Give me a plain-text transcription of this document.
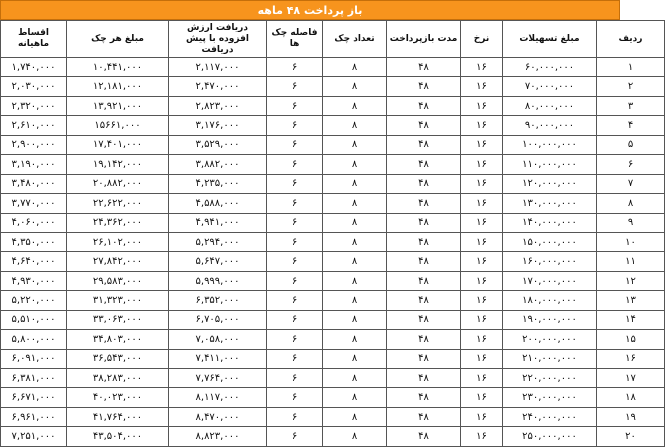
باز پرداخت ۴۸ ماهه
ردیف	مبلغ تسهیلات	نرخ	مدت بازپرداخت	تعداد چک	فاصله چک ها	دریافت ارزش افزوده با پیش دریافت	مبلغ هر چک	اقساط ماهیانه
۱	۶۰,۰۰۰,۰۰۰	۱۶	۴۸	۸	۶	۲,۱۱۷,۰۰۰	۱۰,۴۴۱,۰۰۰	۱,۷۴۰,۰۰۰
۲	۷۰,۰۰۰,۰۰۰	۱۶	۴۸	۸	۶	۲,۴۷۰,۰۰۰	۱۲,۱۸۱,۰۰۰	۲,۰۳۰,۰۰۰
۳	۸۰,۰۰۰,۰۰۰	۱۶	۴۸	۸	۶	۲,۸۲۳,۰۰۰	۱۳,۹۲۱,۰۰۰	۲,۳۲۰,۰۰۰
۴	۹۰,۰۰۰,۰۰۰	۱۶	۴۸	۸	۶	۳,۱۷۶,۰۰۰	۱۵۶۶۱,۰۰۰	۲,۶۱۰,۰۰۰
۵	۱۰۰,۰۰۰,۰۰۰	۱۶	۴۸	۸	۶	۳,۵۲۹,۰۰۰	۱۷,۴۰۱,۰۰۰	۲,۹۰۰,۰۰۰
۶	۱۱۰,۰۰۰,۰۰۰	۱۶	۴۸	۸	۶	۳,۸۸۲,۰۰۰	۱۹,۱۴۲,۰۰۰	۳,۱۹۰,۰۰۰
۷	۱۲۰,۰۰۰,۰۰۰	۱۶	۴۸	۸	۶	۴,۲۳۵,۰۰۰	۲۰,۸۸۲,۰۰۰	۳,۴۸۰,۰۰۰
۸	۱۳۰,۰۰۰,۰۰۰	۱۶	۴۸	۸	۶	۴,۵۸۸,۰۰۰	۲۲,۶۲۲,۰۰۰	۳,۷۷۰,۰۰۰
۹	۱۴۰,۰۰۰,۰۰۰	۱۶	۴۸	۸	۶	۴,۹۴۱,۰۰۰	۲۴,۳۶۲,۰۰۰	۴,۰۶۰,۰۰۰
۱۰	۱۵۰,۰۰۰,۰۰۰	۱۶	۴۸	۸	۶	۵,۲۹۴,۰۰۰	۲۶,۱۰۲,۰۰۰	۴,۳۵۰,۰۰۰
۱۱	۱۶۰,۰۰۰,۰۰۰	۱۶	۴۸	۸	۶	۵,۶۴۷,۰۰۰	۲۷,۸۴۲,۰۰۰	۴,۶۴۰,۰۰۰
۱۲	۱۷۰,۰۰۰,۰۰۰	۱۶	۴۸	۸	۶	۵,۹۹۹,۰۰۰	۲۹,۵۸۳,۰۰۰	۴,۹۳۰,۰۰۰
۱۳	۱۸۰,۰۰۰,۰۰۰	۱۶	۴۸	۸	۶	۶,۳۵۲,۰۰۰	۳۱,۳۲۳,۰۰۰	۵,۲۲۰,۰۰۰
۱۴	۱۹۰,۰۰۰,۰۰۰	۱۶	۴۸	۸	۶	۶,۷۰۵,۰۰۰	۳۳,۰۶۳,۰۰۰	۵,۵۱۰,۰۰۰
۱۵	۲۰۰,۰۰۰,۰۰۰	۱۶	۴۸	۸	۶	۷,۰۵۸,۰۰۰	۳۴,۸۰۳,۰۰۰	۵,۸۰۰,۰۰۰
۱۶	۲۱۰,۰۰۰,۰۰۰	۱۶	۴۸	۸	۶	۷,۴۱۱,۰۰۰	۳۶,۵۴۳,۰۰۰	۶,۰۹۱,۰۰۰
۱۷	۲۲۰,۰۰۰,۰۰۰	۱۶	۴۸	۸	۶	۷,۷۶۴,۰۰۰	۳۸,۲۸۳,۰۰۰	۶,۳۸۱,۰۰۰
۱۸	۲۳۰,۰۰۰,۰۰۰	۱۶	۴۸	۸	۶	۸,۱۱۷,۰۰۰	۴۰,۰۲۳,۰۰۰	۶,۶۷۱,۰۰۰
۱۹	۲۴۰,۰۰۰,۰۰۰	۱۶	۴۸	۸	۶	۸,۴۷۰,۰۰۰	۴۱,۷۶۴,۰۰۰	۶,۹۶۱,۰۰۰
۲۰	۲۵۰,۰۰۰,۰۰۰	۱۶	۴۸	۸	۶	۸,۸۲۳,۰۰۰	۴۳,۵۰۴,۰۰۰	۷,۲۵۱,۰۰۰
